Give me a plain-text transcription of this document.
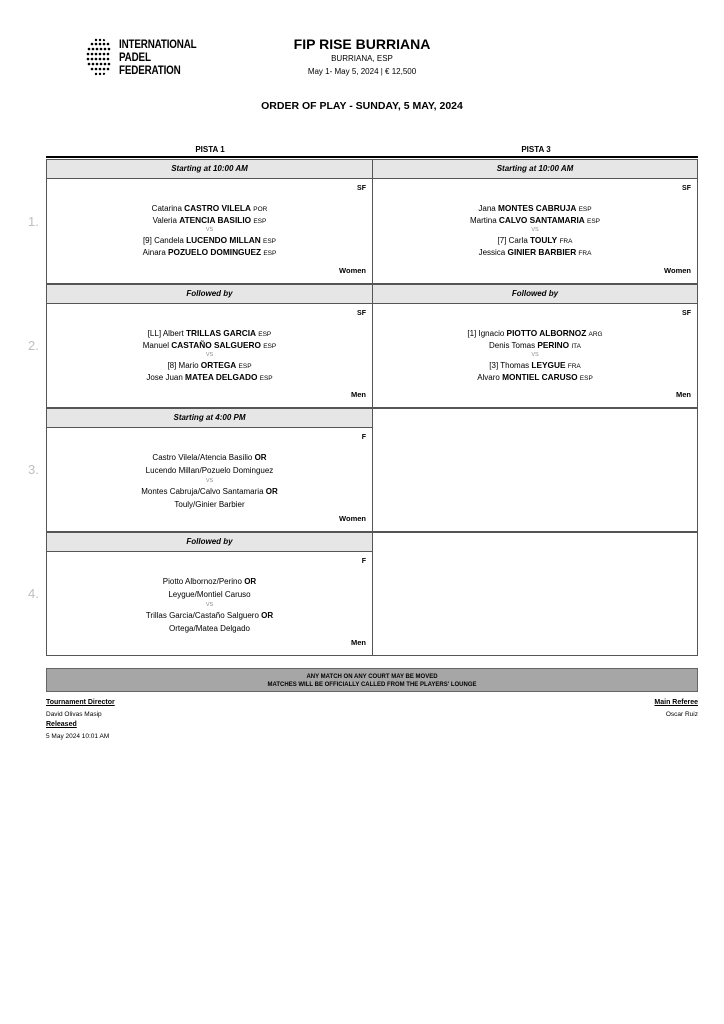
INTERNATIONAL
PADEL
FEDERATION
FIP RISE BURRIANA
BURRIANA, ESP
May 1- May 5, 2024 | € 12,500
ORDER OF PLAY - SUNDAY, 5 MAY, 2024
PISTA 1	PISTA 3
1.
2.
3.
4.
Starting at 10:00 AM
SF
Catarina CASTRO VILELA POR
Valeria ATENCIA BASILIO ESP
VS
[9] Candela LUCENDO MILLAN ESP
Ainara POZUELO DOMINGUEZ ESP
Women
Starting at 10:00 AM
SF
Jana MONTES CABRUJA ESP
Martina CALVO SANTAMARIA ESP
VS
[7] Carla TOULY FRA
Jessica GINIER BARBIER FRA
Women
Followed by
SF
[LL] Albert TRILLAS GARCIA ESP
Manuel CASTAÑO SALGUERO ESP
VS
[8] Mario ORTEGA ESP
Jose Juan MATEA DELGADO ESP
Men
Followed by
SF
[1] Ignacio PIOTTO ALBORNOZ ARG
Denis Tomas PERINO ITA
VS
[3] Thomas LEYGUE FRA
Alvaro MONTIEL CARUSO ESP
Men
Starting at 4:00 PM
F
Castro Vilela/Atencia Basilio OR
Lucendo Millan/Pozuelo Dominguez
VS
Montes Cabruja/Calvo Santamaria OR
Touly/Ginier Barbier
Women
Followed by
F
Piotto Albornoz/Perino OR
Leygue/Montiel Caruso
VS
Trillas Garcia/Castaño Salguero OR
Ortega/Matea Delgado
Men
ANY MATCH ON ANY COURT MAY BE MOVED
MATCHES WILL BE OFFICIALLY CALLED FROM THE PLAYERS' LOUNGE
Tournament Director
David Olivas Masip
Released
5 May 2024 10:01 AM
Main Referee
Oscar Ruiz
